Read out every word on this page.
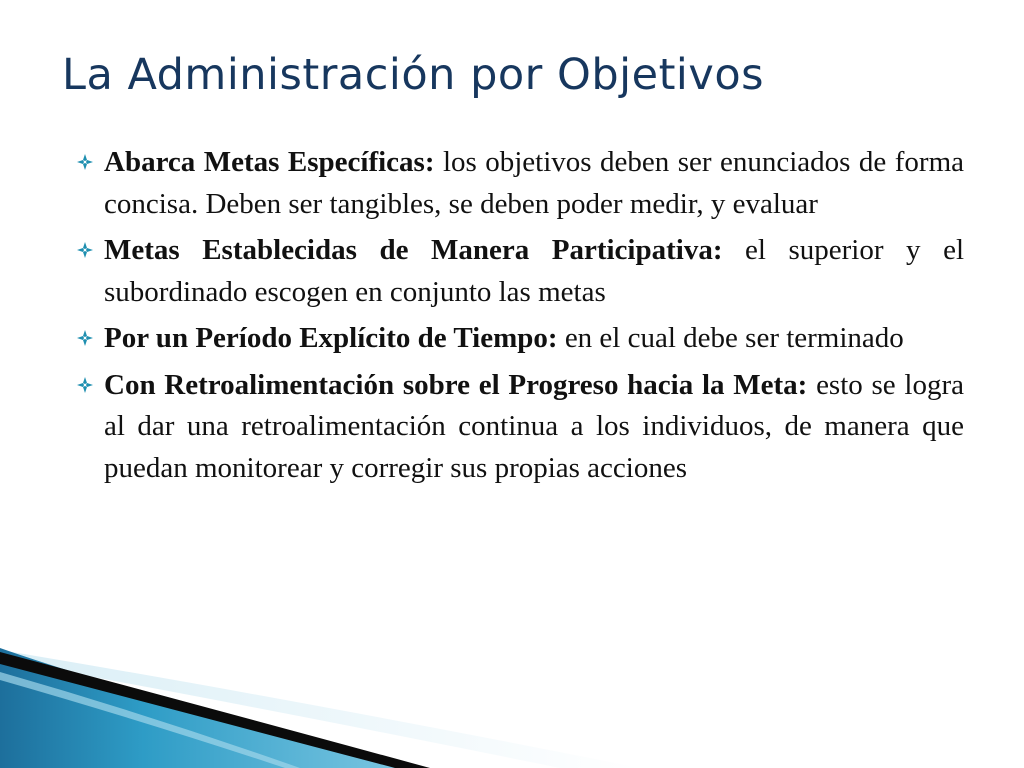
La Administración por Objetivos

Abarca Metas Específicas: los objetivos deben ser enunciados de forma concisa. Deben ser tangibles, se deben poder medir, y evaluar

Metas Establecidas de Manera Participativa: el superior y el subordinado escogen en conjunto las metas

Por un Período Explícito de Tiempo: en el cual debe ser terminado

Con Retroalimentación sobre el Progreso hacia la Meta: esto se logra al dar una retroalimentación continua a los individuos, de manera que puedan monitorear y corregir sus propias acciones
